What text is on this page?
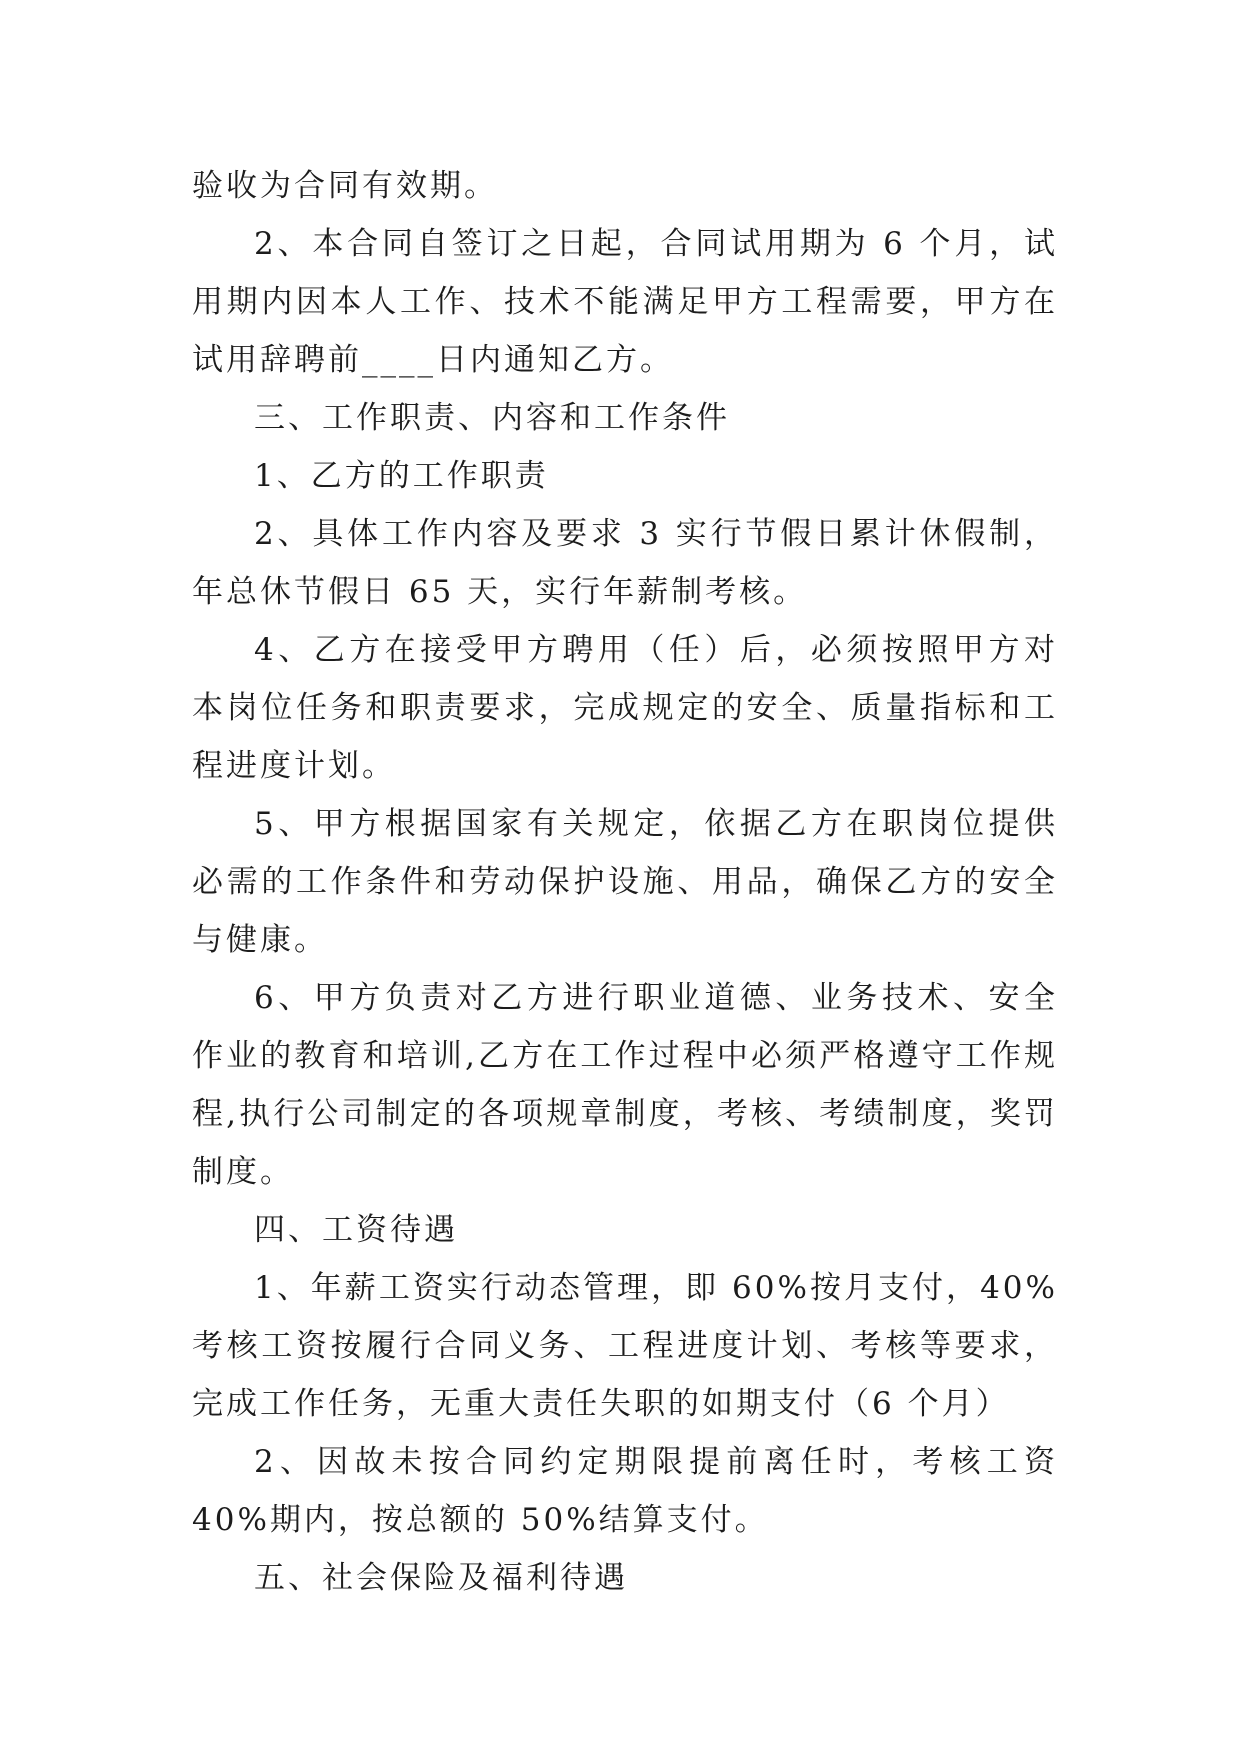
验收为合同有效期。

2、本合同自签订之日起，合同试用期为 6 个月，试用期内因本人工作、技术不能满足甲方工程需要，甲方在试用辞聘前____日内通知乙方。

三、工作职责、内容和工作条件

1、乙方的工作职责

2、具体工作内容及要求 3 实行节假日累计休假制，年总休节假日 65 天，实行年薪制考核。

4、乙方在接受甲方聘用（任）后，必须按照甲方对本岗位任务和职责要求，完成规定的安全、质量指标和工程进度计划。

5、甲方根据国家有关规定，依据乙方在职岗位提供必需的工作条件和劳动保护设施、用品，确保乙方的安全与健康。

6、甲方负责对乙方进行职业道德、业务技术、安全作业的教育和培训,乙方在工作过程中必须严格遵守工作规程,执行公司制定的各项规章制度，考核、考绩制度，奖罚制度。

四、工资待遇

1、年薪工资实行动态管理，即 60%按月支付，40%考核工资按履行合同义务、工程进度计划、考核等要求，完成工作任务，无重大责任失职的如期支付（6 个月）

2、因故未按合同约定期限提前离任时，考核工资 40%期内，按总额的 50%结算支付。

五、社会保险及福利待遇
